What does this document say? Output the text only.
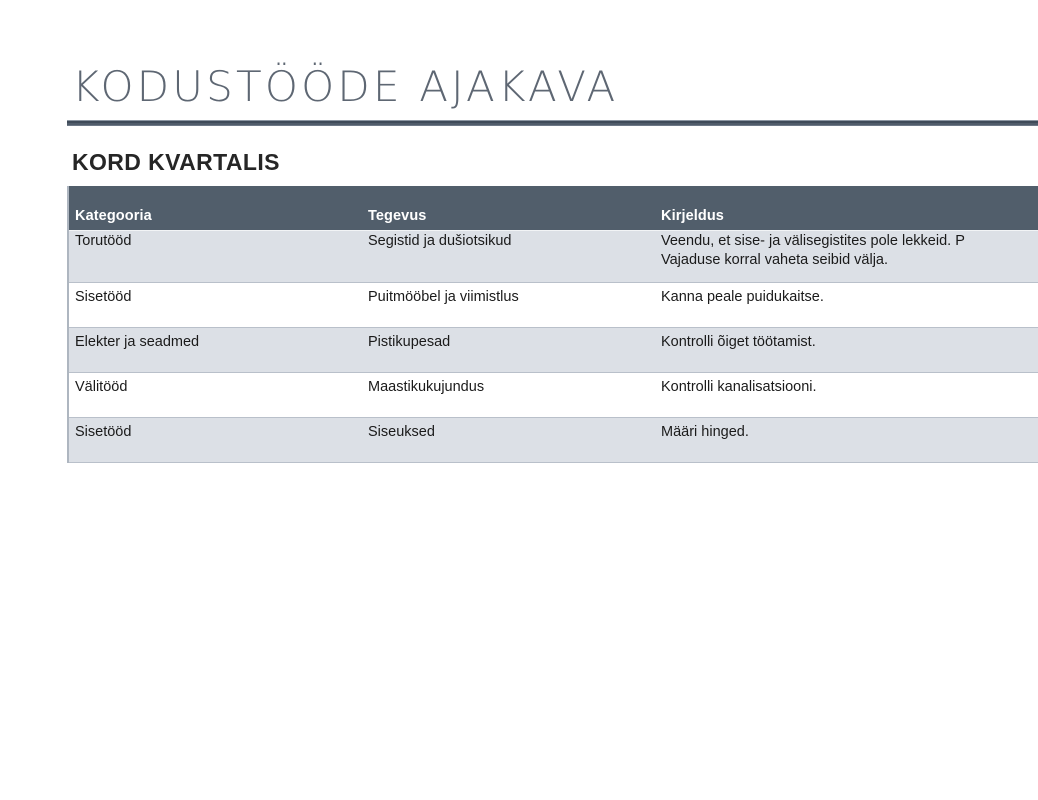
KODUSTÖÖDE AJAKAVA
KORD KVARTALIS
Kategooria	Tegevus	Kirjeldus
Torutööd	Segistid ja dušiotsikud	Veendu, et sise- ja välisegistites pole lekkeid. P
Vajaduse korral vaheta seibid välja.

Sisetööd	Puitmööbel ja viimistlus	Kanna peale puidukaitse.
Elekter ja seadmed	Pistikupesad	Kontrolli õiget töötamist.
Välitööd	Maastikukujundus	Kontrolli kanalisatsiooni.
Sisetööd	Siseuksed	Määri hinged.
